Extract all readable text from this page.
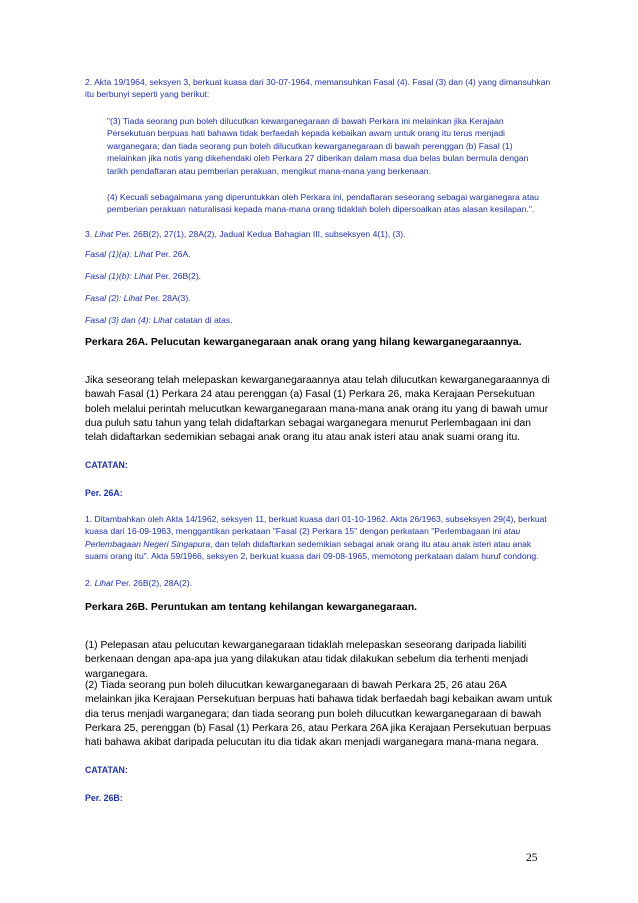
2. Akta 19/1964, seksyen 3, berkuat kuasa dari 30-07-1964, memansuhkan Fasal (4). Fasal (3) dan (4) yang dimansuhkan itu berbunyi seperti yang berikut:

"(3) Tiada seorang pun boleh dilucutkan kewarganegaraan di bawah Perkara ini melainkan jika Kerajaan Persekutuan berpuas hati bahawa tidak berfaedah kepada kebaikan awam untuk orang itu terus menjadi warganegara; dan tiada seorang pun boleh dilucutkan kewarganegaraan di bawah perenggan (b) Fasal (1) melainkan jika notis yang dikehendaki oleh Perkara 27 diberikan dalam masa dua belas bulan bermula dengan tarikh pendaftaran atau pemberian perakuan, mengikut mana-mana yang berkenaan.

(4) Kecuali sebagaimana yang diperuntukkan oleh Perkara ini, pendaftaran seseorang sebagai warganegara atau pemberian perakuan naturalisasi kepada mana-mana orang tidaklah boleh dipersoalkan atas alasan kesilapan.".

3. Lihat Per. 26B(2), 27(1), 28A(2), Jadual Kedua Bahagian III, subseksyen 4(1), (3).

Fasal (1)(a): Lihat Per. 26A.

Fasal (1)(b): Lihat Per. 26B(2).

Fasal (2): Lihat Per. 28A(3).

Fasal (3) dan (4): Lihat catatan di atas.

Perkara 26A. Pelucutan kewarganegaraan anak orang yang hilang kewarganegaraannya.

Jika seseorang telah melepaskan kewarganegaraannya atau telah dilucutkan kewarganegaraannya di bawah Fasal (1) Perkara 24 atau perenggan (a) Fasal (1) Perkara 26, maka Kerajaan Persekutuan boleh melalui perintah melucutkan kewarganegaraan mana-mana anak orang itu yang di bawah umur dua puluh satu tahun yang telah didaftarkan sebagai warganegara menurut Perlembagaan ini dan telah didaftarkan sedemikian sebagai anak orang itu atau anak isteri atau anak suami orang itu.

CATATAN:

Per. 26A:

1. Ditambahkan oleh Akta 14/1962, seksyen 11, berkuat kuasa dari 01-10-1962. Akta 26/1963, subseksyen 29(4), berkuat kuasa dari 16-09-1963, menggantikan perkataan "Fasal (2) Perkara 15" dengan perkataan "Perlembagaan ini atau Perlembagaan Negeri Singapura, dan telah didaftarkan sedemikian sebagai anak orang itu atau anak isteri atau anak suami orang itu". Akta 59/1966, seksyen 2, berkuat kuasa dari 09-08-1965, memotong perkataan dalam huruf condong.

2. Lihat Per. 26B(2), 28A(2).

Perkara 26B. Peruntukan am tentang kehilangan kewarganegaraan.

(1) Pelepasan atau pelucutan kewarganegaraan tidaklah melepaskan seseorang daripada liabiliti berkenaan dengan apa-apa jua yang dilakukan atau tidak dilakukan sebelum dia terhenti menjadi warganegara.

(2) Tiada seorang pun boleh dilucutkan kewarganegaraan di bawah Perkara 25, 26 atau 26A melainkan jika Kerajaan Persekutuan berpuas hati bahawa tidak berfaedah bagi kebaikan awam untuk dia terus menjadi warganegara; dan tiada seorang pun boleh dilucutkan kewarganegaraan di bawah Perkara 25, perenggan (b) Fasal (1) Perkara 26, atau Perkara 26A jika Kerajaan Persekutuan berpuas hati bahawa akibat daripada pelucutan itu dia tidak akan menjadi warganegara mana-mana negara.

CATATAN:

Per. 26B:

25
